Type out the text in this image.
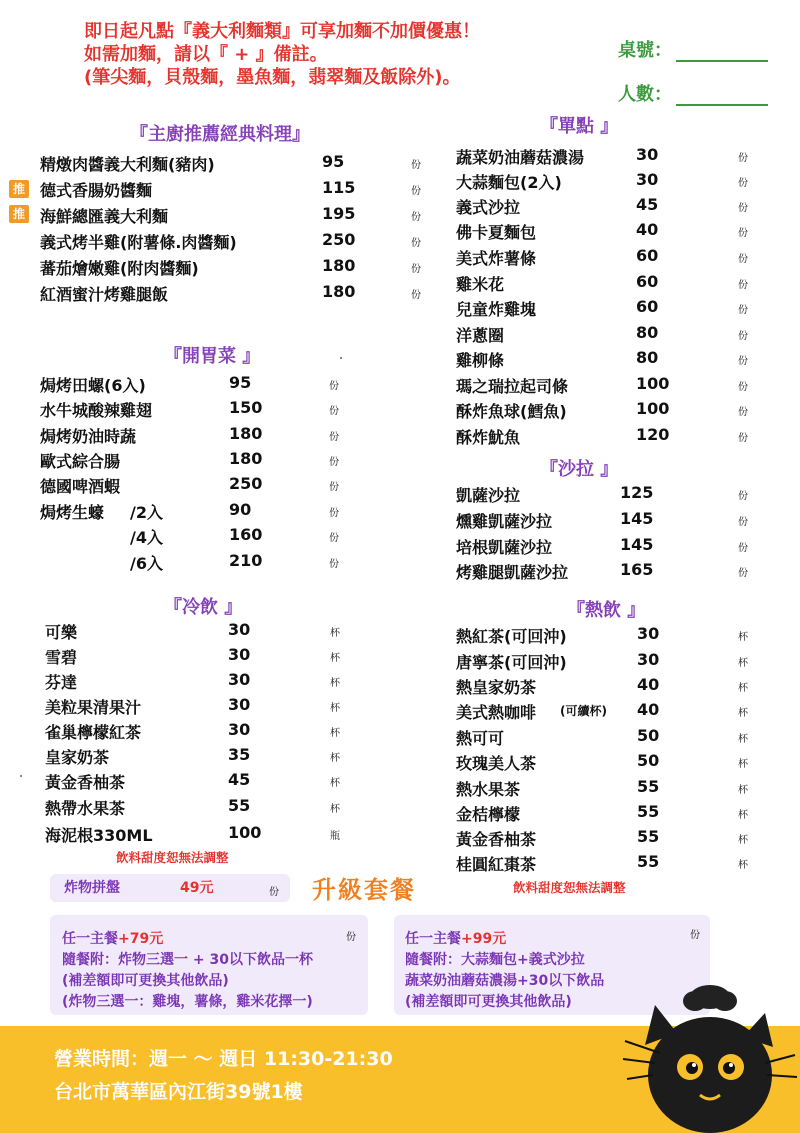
即日起凡點『義大利麵類』可享加麵不加價優惠！
如需加麵，請以『 + 』備註。
(筆尖麵，貝殼麵，墨魚麵，翡翠麵及飯除外)。
桌號：
人數：
『主廚推薦經典料理』
『開胃菜 』
『冷飲 』
『單點 』
『沙拉 』
『熱飲 』
推
推
精燉肉醬義大利麵(豬肉)	95	份
德式香腸奶醬麵	115	份
海鮮總匯義大利麵	195	份
義式烤半雞(附薯條.肉醬麵)	250	份
蕃茄燴嫩雞(附肉醬麵)	180	份
紅酒蜜汁烤雞腿飯	180	份
焗烤田螺(6入)	95	份
水牛城酸辣雞翅	150	份
焗烤奶油時蔬	180	份
歐式綜合腸	180	份
德國啤酒蝦	250	份
焗烤生蠔 /2入	90	份
/4入	160	份
/6入	210	份
可樂	30	杯
雪碧	30	杯
芬達	30	杯
美粒果清果汁	30	杯
雀巢檸檬紅茶	30	杯
皇家奶茶	35	杯
黃金香柚茶	45	杯
熱帶水果茶	55	杯
海泥根330ML	100	瓶
飲料甜度恕無法調整
蔬菜奶油蘑菇濃湯	30	份
大蒜麵包(2入)	30	份
義式沙拉	45	份
佛卡夏麵包	40	份
美式炸薯條	60	份
雞米花	60	份
兒童炸雞塊	60	份
洋蔥圈	80	份
雞柳條	80	份
瑪之瑞拉起司條	100	份
酥炸魚球(鱈魚)	100	份
酥炸魷魚	120	份
凱薩沙拉	125	份
燻雞凱薩沙拉	145	份
培根凱薩沙拉	145	份
烤雞腿凱薩沙拉	165	份
熱紅茶(可回沖)	30	杯
唐寧茶(可回沖)	30	杯
熱皇家奶茶	40	杯
美式熱咖啡 (可續杯) 40	杯
熱可可	50	杯
玫瑰美人茶	50	杯
熱水果茶	55	杯
金桔檸檬	55	杯
黃金香柚茶	55	杯
桂圓紅棗茶	55	杯
飲料甜度恕無法調整
炸物拼盤	49元	份 升級套餐
任一主餐+79元	份
隨餐附：炸物三選一 + 30以下飲品一杯
(補差額即可更換其他飲品)
(炸物三選一：雞塊，薯條，雞米花擇一)
任一主餐+99元	份
隨餐附：大蒜麵包+義式沙拉
蔬菜奶油蘑菇濃湯+30以下飲品
(補差額即可更換其他飲品)
營業時間：週一 ～ 週日 11:30-21:30
台北市萬華區內江街39號1樓
